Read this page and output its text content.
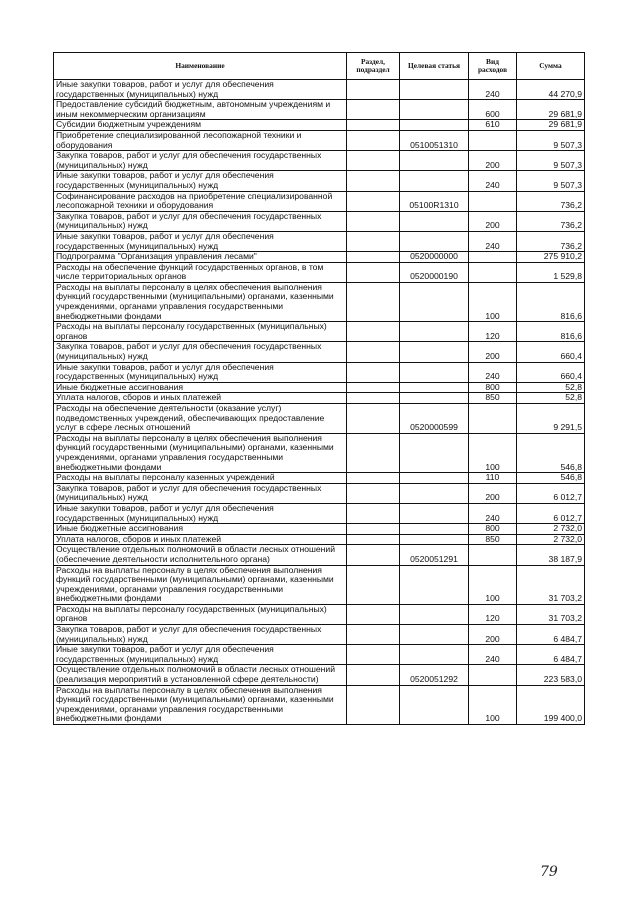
Наименование	Раздел, подраздел	Целевая статья	Вид расходов	Сумма
Иные закупки товаров, работ и услуг для обеспечения государственных (муниципальных) нужд			240	44 270,9
Предоставление субсидий бюджетным, автономным учреждениям и иным некоммерческим организациям			600	29 681,9
Субсидии бюджетным учреждениям			610	29 681,9
Приобретение специализированной лесопожарной техники и оборудования		0510051310		9 507,3
Закупка товаров, работ и услуг для обеспечения государственных (муниципальных) нужд			200	9 507,3
Иные закупки товаров, работ и услуг для обеспечения государственных (муниципальных) нужд			240	9 507,3
Софинансирование расходов на приобретение специализированной лесопожарной техники и оборудования		05100R1310		736,2
Закупка товаров, работ и услуг для обеспечения государственных (муниципальных) нужд			200	736,2
Иные закупки товаров, работ и услуг для обеспечения государственных (муниципальных) нужд			240	736,2
Подпрограмма "Организация управления лесами"		0520000000		275 910,2
Расходы на обеспечение функций государственных органов, в том числе территориальных органов		0520000190		1 529,8
Расходы на выплаты персоналу в целях обеспечения выполнения функций государственными (муниципальными) органами, казенными учреждениями, органами управления государственными внебюджетными фондами			100	816,6
Расходы на выплаты персоналу государственных (муниципальных) органов			120	816,6
Закупка товаров, работ и услуг для обеспечения государственных (муниципальных) нужд			200	660,4
Иные закупки товаров, работ и услуг для обеспечения государственных (муниципальных) нужд			240	660,4
Иные бюджетные ассигнования			800	52,8
Уплата налогов, сборов и иных платежей			850	52,8
Расходы на обеспечение деятельности (оказание услуг) подведомственных учреждений, обеспечивающих предоставление услуг в сфере лесных отношений		0520000599		9 291,5
Расходы на выплаты персоналу в целях обеспечения выполнения функций государственными (муниципальными) органами, казенными учреждениями, органами управления государственными внебюджетными фондами			100	546,8
Расходы на выплаты персоналу казенных учреждений			110	546,8
Закупка товаров, работ и услуг для обеспечения государственных (муниципальных) нужд			200	6 012,7
Иные закупки товаров, работ и услуг для обеспечения государственных (муниципальных) нужд			240	6 012,7
Иные бюджетные ассигнования			800	2 732,0
Уплата налогов, сборов и иных платежей			850	2 732,0
Осуществление отдельных полномочий в области лесных отношений (обеспечение деятельности исполнительного органа)		0520051291		38 187,9
Расходы на выплаты персоналу в целях обеспечения выполнения функций государственными (муниципальными) органами, казенными учреждениями, органами управления государственными внебюджетными фондами			100	31 703,2
Расходы на выплаты персоналу государственных (муниципальных) органов			120	31 703,2
Закупка товаров, работ и услуг для обеспечения государственных (муниципальных) нужд			200	6 484,7
Иные закупки товаров, работ и услуг для обеспечения государственных (муниципальных) нужд			240	6 484,7
Осуществление отдельных полномочий в области лесных отношений (реализация мероприятий в установленной сфере деятельности)		0520051292		223 583,0
Расходы на выплаты персоналу в целях обеспечения выполнения функций государственными (муниципальными) органами, казенными учреждениями, органами управления государственными внебюджетными фондами			100	199 400,0
79
